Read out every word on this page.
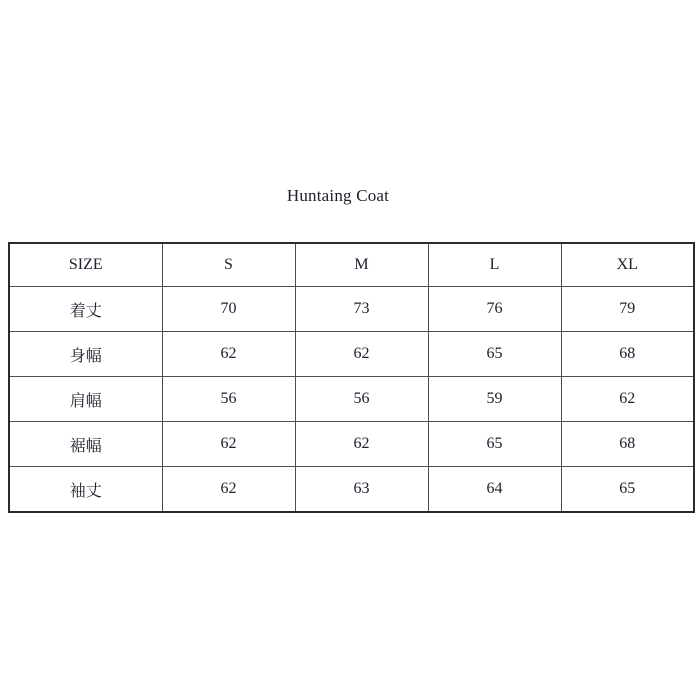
Huntaing Coat
SIZE	S	M	L	XL
着丈	70	73	76	79
身幅	62	62	65	68
肩幅	56	56	59	62
裾幅	62	62	65	68
袖丈	62	63	64	65
